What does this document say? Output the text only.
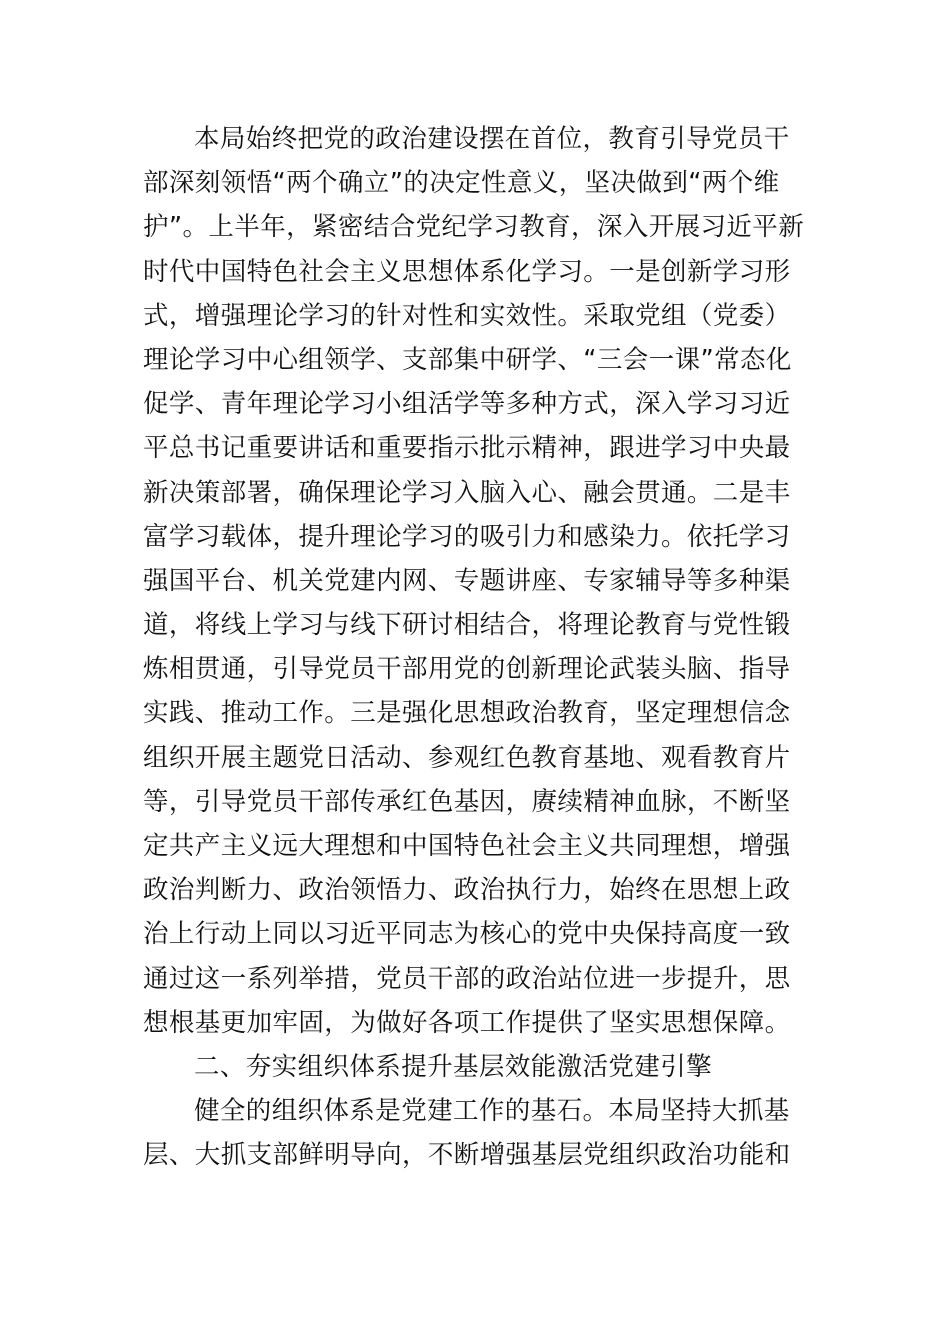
本局始终把党的政治建设摆在首位，教育引导党员干
部深刻领悟“两个确立”的决定性意义，坚决做到“两个维
护”。上半年，紧密结合党纪学习教育，深入开展习近平新
时代中国特色社会主义思想体系化学习。一是创新学习形
式，增强理论学习的针对性和实效性。采取党组（党委）
理论学习中心组领学、支部集中研学、“三会一课”常态化
促学、青年理论学习小组活学等多种方式，深入学习习近
平总书记重要讲话和重要指示批示精神，跟进学习中央最
新决策部署，确保理论学习入脑入心、融会贯通。二是丰
富学习载体，提升理论学习的吸引力和感染力。依托学习
强国平台、机关党建内网、专题讲座、专家辅导等多种渠
道，将线上学习与线下研讨相结合，将理论教育与党性锻
炼相贯通，引导党员干部用党的创新理论武装头脑、指导
实践、推动工作。三是强化思想政治教育，坚定理想信念
组织开展主题党日活动、参观红色教育基地、观看教育片
等，引导党员干部传承红色基因，赓续精神血脉，不断坚
定共产主义远大理想和中国特色社会主义共同理想，增强
政治判断力、政治领悟力、政治执行力，始终在思想上政
治上行动上同以习近平同志为核心的党中央保持高度一致
通过这一系列举措，党员干部的政治站位进一步提升，思
想根基更加牢固，为做好各项工作提供了坚实思想保障。
二、夯实组织体系提升基层效能激活党建引擎
健全的组织体系是党建工作的基石。本局坚持大抓基
层、大抓支部鲜明导向，不断增强基层党组织政治功能和
